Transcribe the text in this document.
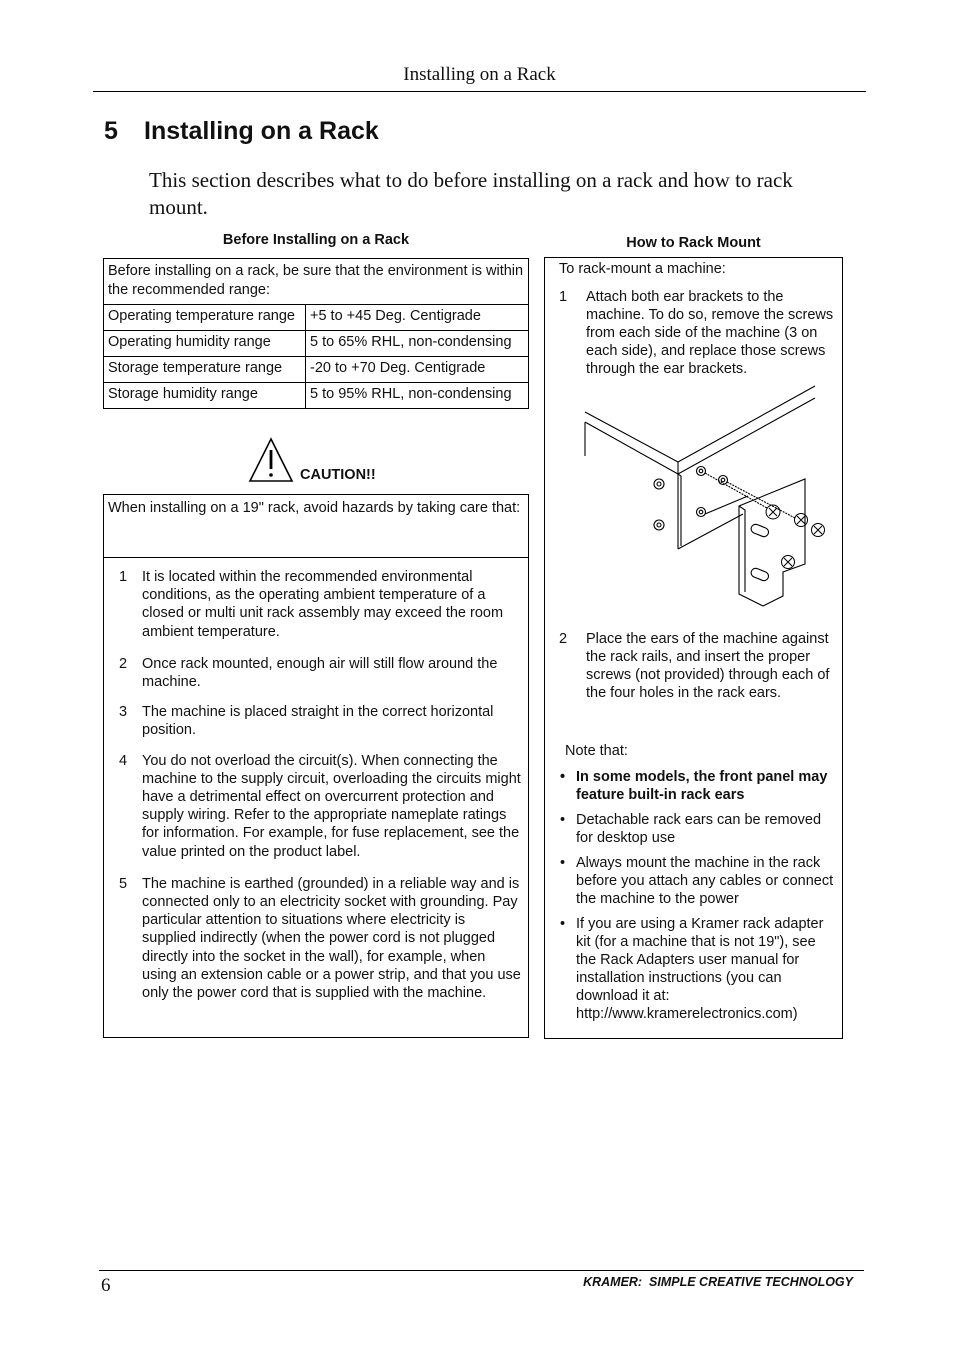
Installing on a Rack
5 Installing on a Rack

This section describes what to do before installing on a rack and how to rack mount.

Before Installing on a Rack
Before installing on a rack, be sure that the environment is within the recommended range:	
Operating temperature range	+5 to +45 Deg. Centigrade
Operating humidity range	5 to 65% RHL, non-condensing
Storage temperature range	-20 to +70 Deg. Centigrade
Storage humidity range	5 to 95% RHL, non-condensing
CAUTION!!
When installing on a 19" rack, avoid hazards by taking care that:
1 It is located within the recommended environmental conditions, as the operating ambient temperature of a closed or multi unit rack assembly may exceed the room ambient temperature.
2 Once rack mounted, enough air will still flow around the machine.
3 The machine is placed straight in the correct horizontal position.
4 You do not overload the circuit(s). When connecting the machine to the supply circuit, overloading the circuits might have a detrimental effect on overcurrent protection and supply wiring. Refer to the appropriate nameplate ratings for information. For example, for fuse replacement, see the value printed on the product label.
5 The machine is earthed (grounded) in a reliable way and is connected only to an electricity socket with grounding. Pay particular attention to situations where electricity is supplied indirectly (when the power cord is not plugged directly into the socket in the wall), for example, when using an extension cable or a power strip, and that you use only the power cord that is supplied with the machine.
How to Rack Mount
To rack-mount a machine:
1 Attach both ear brackets to the machine. To do so, remove the screws from each side of the machine (3 on each side), and replace those screws through the ear brackets.
2 Place the ears of the machine against the rack rails, and insert the proper screws (not provided) through each of the four holes in the rack ears.
Note that:
• In some models, the front panel may feature built-in rack ears
• Detachable rack ears can be removed for desktop use
• Always mount the machine in the rack before you attach any cables or connect the machine to the power
• If you are using a Kramer rack adapter kit (for a machine that is not 19"), see the Rack Adapters user manual for installation instructions (you can download it at: http://www.kramerelectronics.com)
6	KRAMER:  SIMPLE CREATIVE TECHNOLOGY
